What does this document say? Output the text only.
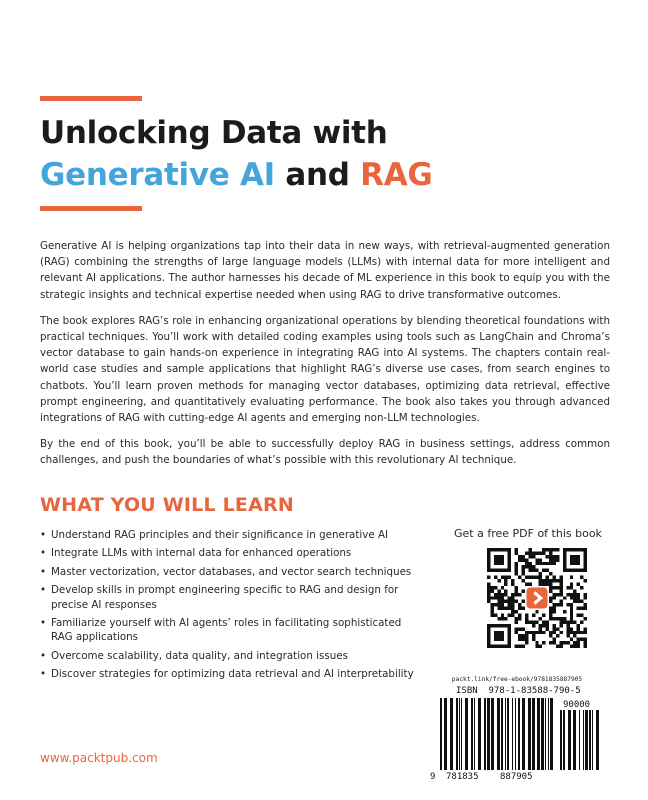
Unlocking Data with
Generative AI and RAG

Generative AI is helping organizations tap into their data in new ways, with retrieval-augmented generation (RAG) combining the strengths of large language models (LLMs) with internal data for more intelligent and relevant AI applications. The author harnesses his decade of ML experience in this book to equip you with the strategic insights and technical expertise needed when using RAG to drive transformative outcomes.

The book explores RAG’s role in enhancing organizational operations by blending theoretical foundations with practical techniques. You’ll work with detailed coding examples using tools such as LangChain and Chroma’s vector database to gain hands-on experience in integrating RAG into AI systems. The chapters contain real-world case studies and sample applications that highlight RAG’s diverse use cases, from search engines to chatbots. You’ll learn proven methods for managing vector databases, optimizing data retrieval, effective prompt engineering, and quantitatively evaluating performance. The book also takes you through advanced integrations of RAG with cutting-edge AI agents and emerging non-LLM technologies.

By the end of this book, you’ll be able to successfully deploy RAG in business settings, address common challenges, and push the boundaries of what’s possible with this revolutionary AI technique.

WHAT YOU WILL LEARN
• Understand RAG principles and their significance in generative AI
• Integrate LLMs with internal data for enhanced operations
• Master vectorization, vector databases, and vector search techniques
• Develop skills in prompt engineering specific to RAG and design for precise AI responses
• Familiarize yourself with AI agents’ roles in facilitating sophisticated RAG applications
• Overcome scalability, data quality, and integration issues
• Discover strategies for optimizing data retrieval and AI interpretability
Get a free PDF of this book
packt.link/free-ebook/9781835887905
ISBN  978-1-83588-790-5
90000
9 781835 887905
www.packtpub.com
